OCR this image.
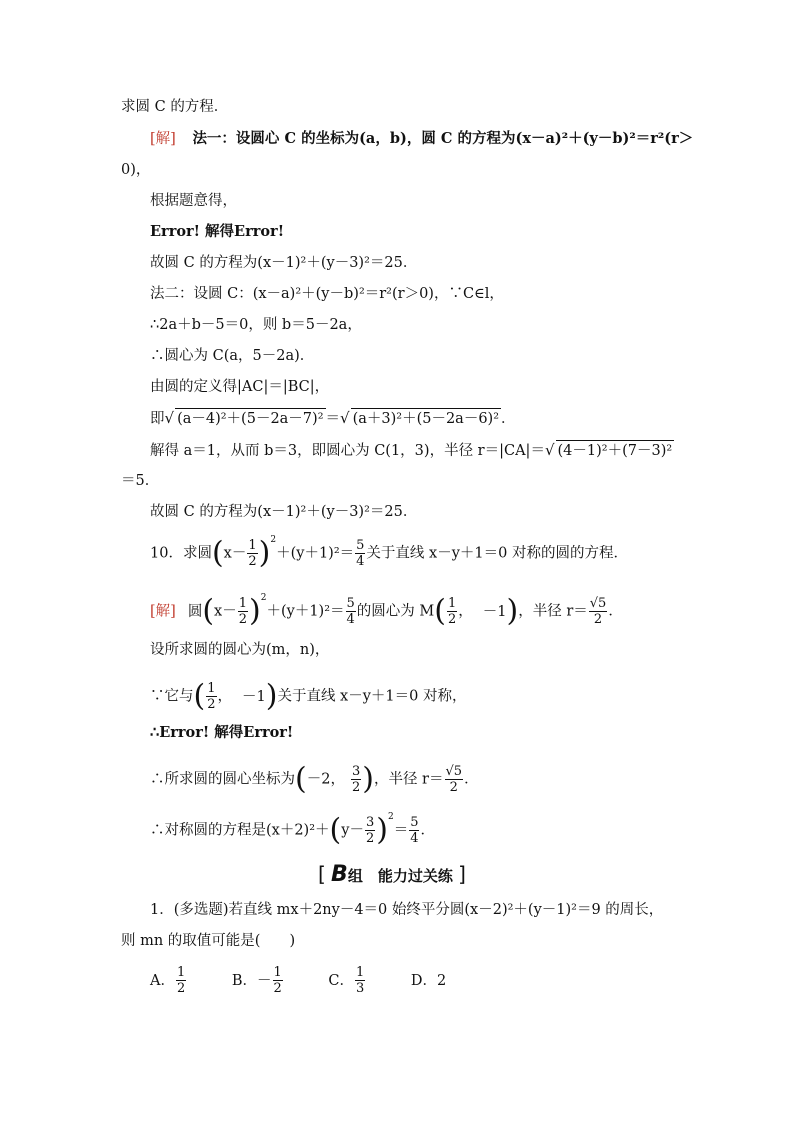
求圆 C 的方程．
[解] 法一：设圆心 C 的坐标为(a，b)，圆 C 的方程为(x－a)²＋(y－b)²＝r²(r＞
0)，
根据题意得，
Error! 解得Error!
故圆 C 的方程为(x－1)²＋(y－3)²＝25．
法二：设圆 C：(x－a)²＋(y－b)²＝r²(r＞0)，∵C∈l，
∴2a＋b－5＝0，则 b＝5－2a，
∴圆心为 C(a，5－2a)．
由圆的定义得|AC|＝|BC|，
即√ (a－4)²＋(5－2a－7)² ＝√ (a＋3)²＋(5－2a－6)² ．
解得 a＝1，从而 b＝3，即圆心为 C(1，3)，半径 r＝|CA|＝√ (4－1)²＋(7－3)²
＝5．
故圆 C 的方程为(x－1)²＋(y－3)²＝25．
10．求圆$(x- \frac{1}{2} )^2+(y+1)^2= \frac{5}{4}$ 关于直线 x－y＋1＝0 对称的圆的方程．
[解] 圆$(x- \frac{1}{2} )^2+(y+1)^2= \frac{5}{4}$ 的圆心为 $M( \frac{1}{2}$ ， －1)，半径 $r= \frac{√5}{2}$ ．
设所求圆的圆心为(m，n)，
∵它与( $\frac{1}{2}$ ， －1)关于直线 x－y＋1＝0 对称，
∴Error! 解得Error!
∴所求圆的圆心坐标为(－2， $\frac{3}{2}$ )，半径 $r= \frac{√5}{2}$ ．
∴对称圆的方程是$(x+2)^2+(y- \frac{3}{2} )^2= \frac{5}{4}$ ．
[ B组　能力过关练 ]
1．(多选题)若直线 mx＋2ny－4＝0 始终平分圆(x－2)²＋(y－1)²＝9 的周长，
则 mn 的取值可能是(　　)
A． $\frac{1}{2}$	B．－ $\frac{1}{2}$	C． $\frac{1}{3}$	D．2
